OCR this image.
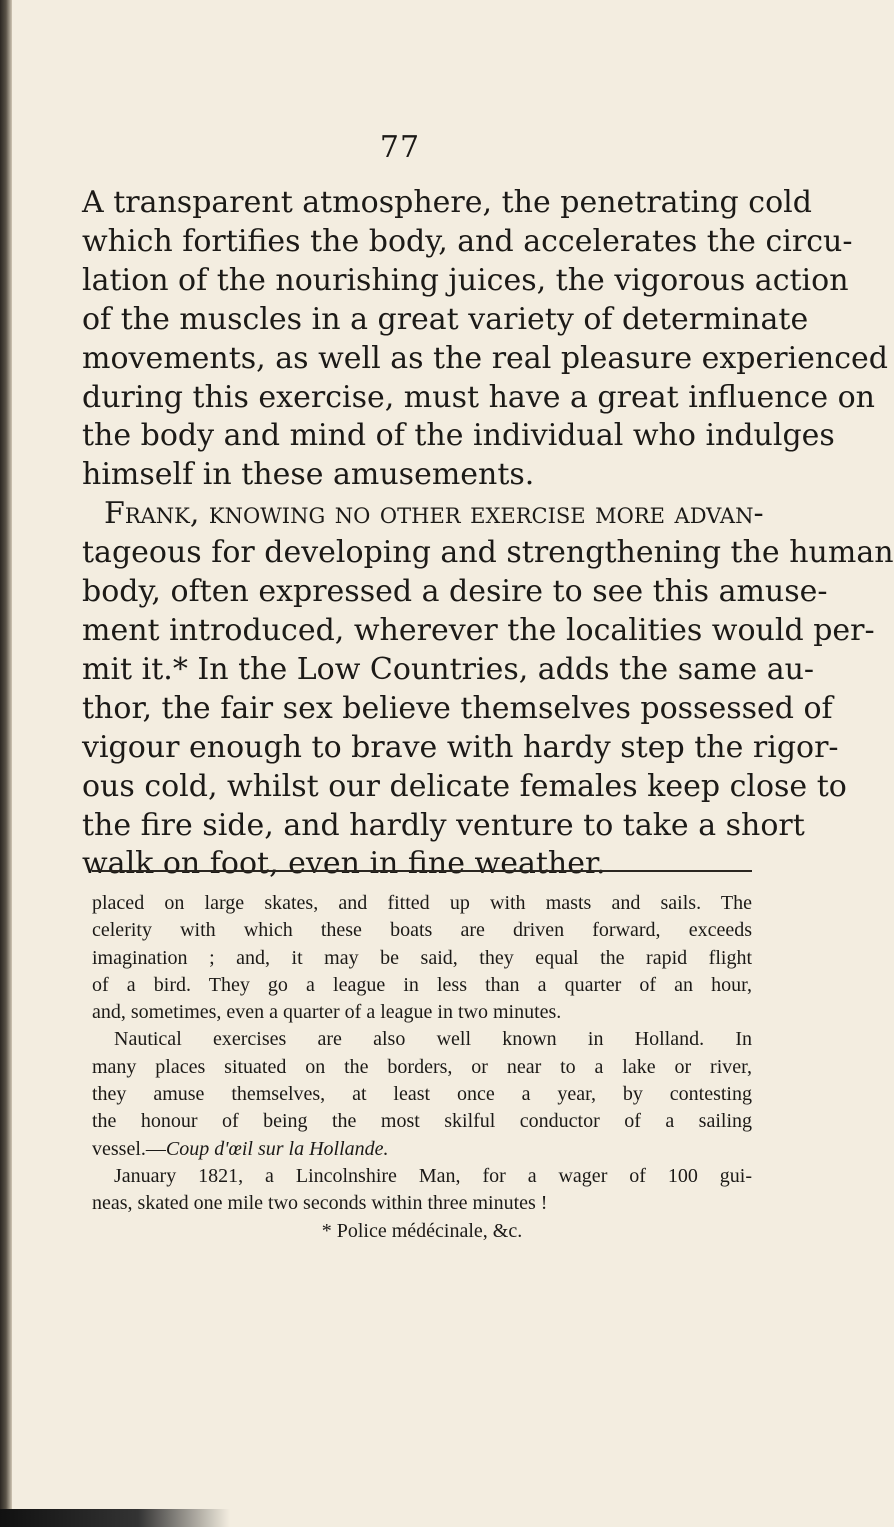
77
A transparent atmosphere, the penetrating cold
which fortifies the body, and accelerates the circu-
lation of the nourishing juices, the vigorous action
of the muscles in a great variety of determinate
movements, as well as the real pleasure experienced
during this exercise, must have a great influence on
the body and mind of the individual who indulges
himself in these amusements.
Frank, knowing no other exercise more advan-
tageous for developing and strengthening the human
body, often expressed a desire to see this amuse-
ment introduced, wherever the localities would per-
mit it.* In the Low Countries, adds the same au-
thor, the fair sex believe themselves possessed of
vigour enough to brave with hardy step the rigor-
ous cold, whilst our delicate females keep close to
the fire side, and hardly venture to take a short
walk on foot, even in fine weather.
placed on large skates, and fitted up with masts and sails. The
celerity with which these boats are driven forward, exceeds
imagination ; and, it may be said, they equal the rapid flight
of a bird. They go a league in less than a quarter of an hour,
and, sometimes, even a quarter of a league in two minutes.
Nautical exercises are also well known in Holland. In
many places situated on the borders, or near to a lake or river,
they amuse themselves, at least once a year, by contesting
the honour of being the most skilful conductor of a sailing
vessel.—Coup d'œil sur la Hollande.
January 1821, a Lincolnshire Man, for a wager of 100 gui-
neas, skated one mile two seconds within three minutes !
* Police médécinale, &c.
